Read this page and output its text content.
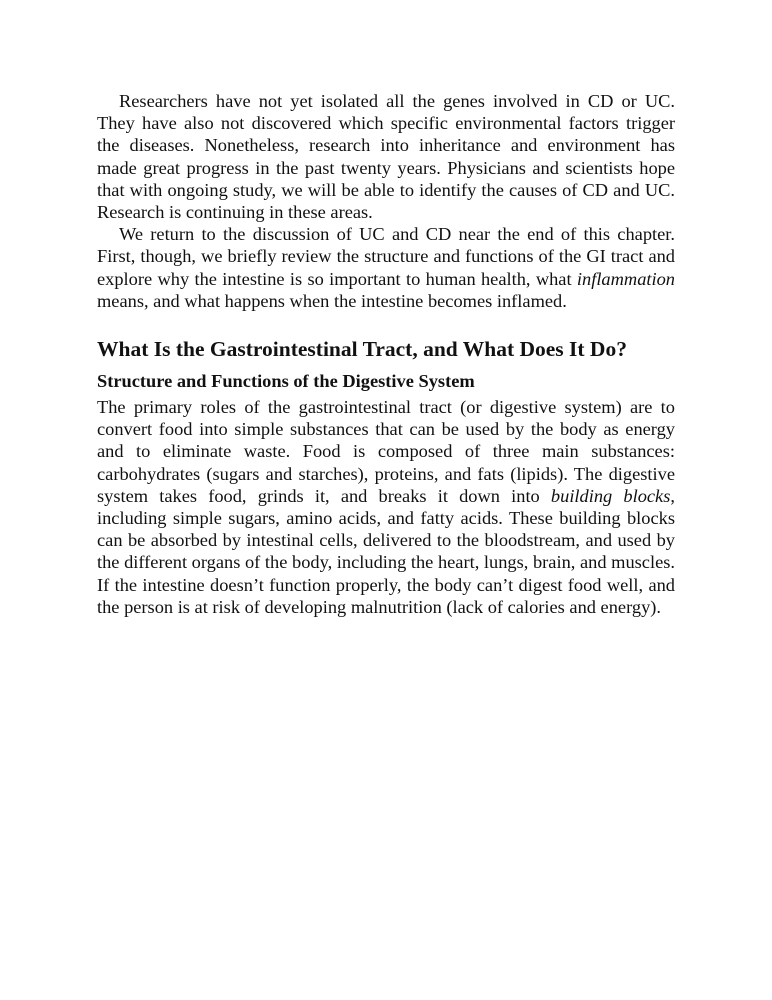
Researchers have not yet isolated all the genes involved in CD or UC. They have also not discovered which specific environmental factors trigger the diseases. Nonetheless, research into inheritance and environment has made great progress in the past twenty years. Physicians and scientists hope that with ongoing study, we will be able to identify the causes of CD and UC. Research is continuing in these areas.

We return to the discussion of UC and CD near the end of this chapter. First, though, we briefly review the structure and functions of the GI tract and explore why the intestine is so important to human health, what inflammation means, and what happens when the intestine becomes inflamed.

What Is the Gastrointestinal Tract, and What Does It Do?
Structure and Functions of the Digestive System

The primary roles of the gastrointestinal tract (or digestive system) are to convert food into simple substances that can be used by the body as energy and to eliminate waste. Food is composed of three main substances: carbohydrates (sugars and starches), proteins, and fats (lipids). The digestive system takes food, grinds it, and breaks it down into building blocks, including simple sugars, amino acids, and fatty acids. These building blocks can be absorbed by intestinal cells, delivered to the bloodstream, and used by the different organs of the body, including the heart, lungs, brain, and muscles. If the intestine doesn’t function properly, the body can’t digest food well, and the person is at risk of developing malnutrition (lack of calories and energy).
